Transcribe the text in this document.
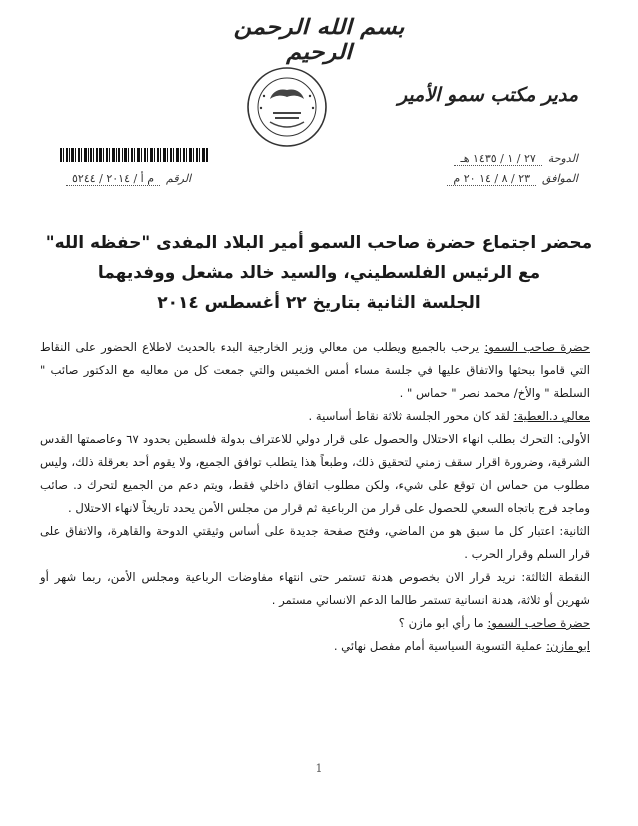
بسم الله الرحمن الرحيم
مدير مكتب سمو الأمير
الدوحة
٢٧ / ١ / ١٤٣٥ هـ
الموافق
٢٣ / ٨ / ١٤ ٢٠ م
الرقم
م أ / ٢٠١٤ / ٥٢٤٤
محضر اجتماع حضرة صاحب السمو أمير البلاد المفدى "حفظه الله"
مع الرئيس الفلسطيني، والسيد خالد مشعل ووفديهما
الجلسة الثانية بتاريخ ٢٢ أغسطس ٢٠١٤

حضرة صاحب السمو: يرحب بالجميع ويطلب من معالي وزير الخارجية البدء بالحديث لاطلاع الحضور على النقاط التي قاموا ببحثها والاتفاق عليها في جلسة مساء أمس الخميس والتي جمعت كل من معاليه مع الدكتور صائب " السلطة " والأخ/ محمد نصر " حماس " .

معالي د.العطية: لقد كان محور الجلسة ثلاثة نقاط أساسية .

الأولى: التحرك بطلب انهاء الاحتلال والحصول على قرار دولي للاعتراف بدولة فلسطين بحدود ٦٧ وعاصمتها القدس الشرقية، وضرورة اقرار سقف زمني لتحقيق ذلك، وطبعاً هذا يتطلب توافق الجميع، ولا يقوم أحد بعرقلة ذلك، وليس مطلوب من حماس ان توقع على شيء، ولكن مطلوب اتفاق داخلي فقط، ويتم دعم من الجميع لتحرك د. صائب وماجد فرج باتجاه السعي للحصول على قرار من الرباعية ثم قرار من مجلس الأمن يحدد تاريخاً لانهاء الاحتلال .

الثانية: اعتبار كل ما سبق هو من الماضي، وفتح صفحة جديدة على أساس وثيقتي الدوحة والقاهرة، والاتفاق على قرار السلم وقرار الحرب .

النقطة الثالثة: نريد قرار الان بخصوص هدنة تستمر حتى انتهاء مفاوضات الرباعية ومجلس الأمن، ربما شهر أو شهرين أو ثلاثة، هدنة انسانية تستمر طالما الدعم الانساني مستمر .

حضرة صاحب السمو: ما رأي ابو مازن ؟

ابو مازن: عملية التسوية السياسية أمام مفصل نهائي .

1
